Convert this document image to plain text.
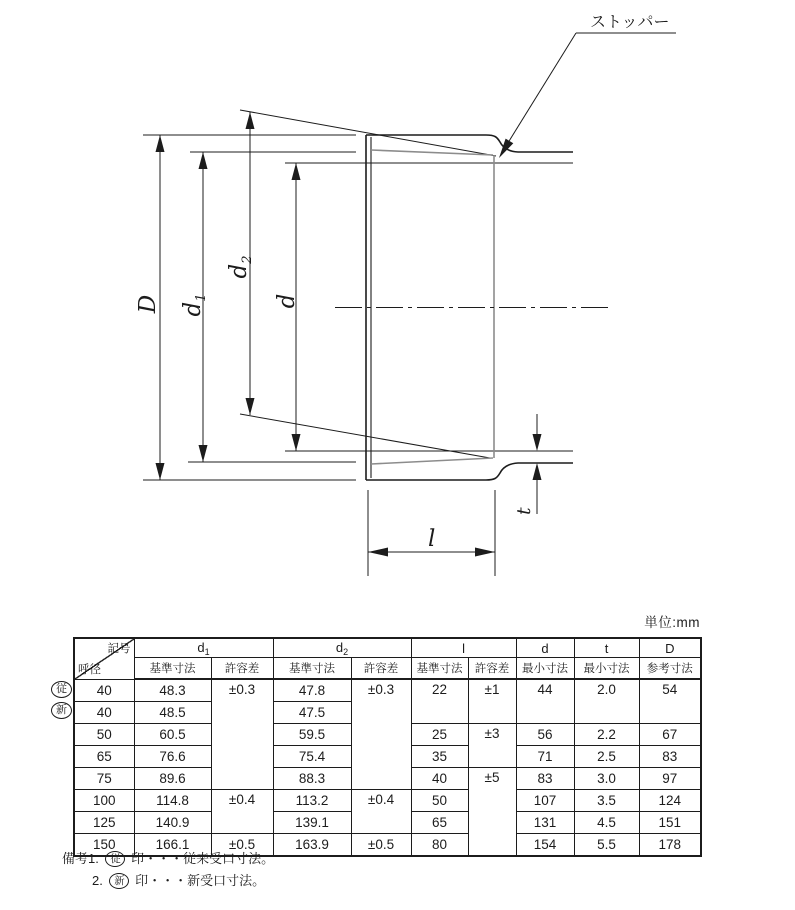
D $d_1$
$d_2$
d
l
t
ストッパー
単位:mm
記号
呼径	$d_1$		$d_2$		l		d	t	D
	基準寸法	許容差	基準寸法	許容差	基準寸法	許容差	最小寸法	最小寸法	参考寸法
40	48.3	±0.3	47.8	±0.3	22	±1	44	2.0	54
40	48.5		47.5						
50	60.5		59.5		25	±3	56	2.2	67
65	76.6		75.4		35		71	2.5	83
75	89.6		88.3		40	±5	83	3.0	97
100	114.8	±0.4	113.2	±0.4	50		107	3.5	124
125	140.9		139.1		65		131	4.5	151
150	166.1	±0.5	163.9	±0.5	80		154	5.5	178
従
新
備考1. 従 印・・・従来受口寸法。
2. 新 印・・・新受口寸法。
